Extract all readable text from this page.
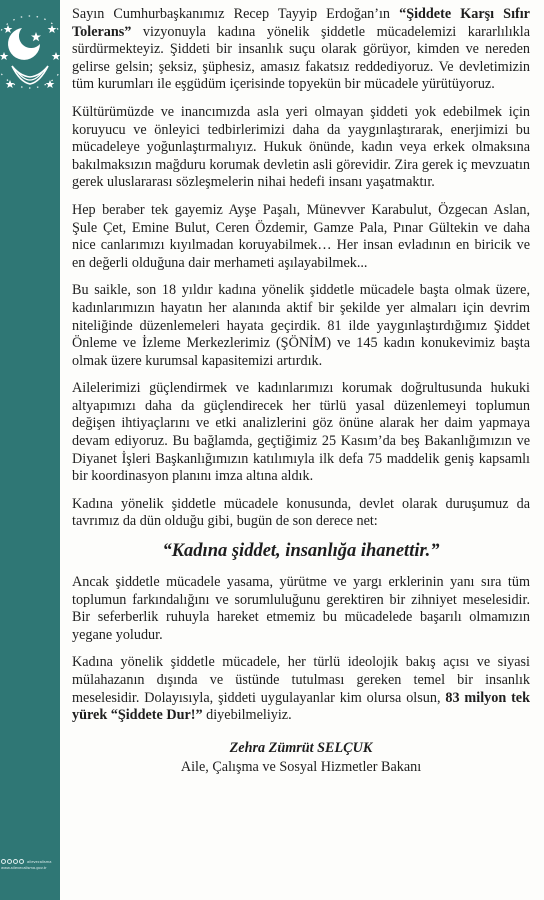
ailevecalisma
www.ailevecalisma.gov.tr

Sayın Cumhurbaşkanımız Recep Tayyip Erdoğan’ın “Şiddete Karşı Sıfır Tolerans” vizyonuyla kadına yönelik şiddetle mücadelemizi kararlılıkla sürdürmekteyiz. Şiddeti bir insanlık suçu olarak görüyor, kimden ve nereden gelirse gelsin; şeksiz, şüphesiz, amasız fakatsız reddediyoruz. Ve devletimizin tüm kurumları ile eşgüdüm içerisinde topyekün bir mücadele yürütüyoruz.

Kültürümüzde ve inancımızda asla yeri olmayan şiddeti yok edebilmek için koruyucu ve önleyici tedbirlerimizi daha da yaygınlaştırarak, enerjimizi bu mücadeleye yoğunlaştırmalıyız. Hukuk önünde, kadın veya erkek olmaksına bakılmaksızın mağduru korumak devletin asli görevidir. Zira gerek iç mevzuatın gerek uluslararası sözleşmelerin nihai hedefi insanı yaşatmaktır.

Hep beraber tek gayemiz Ayşe Paşalı, Münevver Karabulut, Özgecan Aslan, Şule Çet, Emine Bulut, Ceren Özdemir, Gamze Pala, Pınar Gültekin ve daha nice canlarımızı kıyılmadan koruyabilmek… Her insan evladının en biricik ve en değerli olduğuna dair merhameti aşılayabilmek...

Bu saikle, son 18 yıldır kadına yönelik şiddetle mücadele başta olmak üzere, kadınlarımızın hayatın her alanında aktif bir şekilde yer almaları için devrim niteliğinde düzenlemeleri hayata geçirdik. 81 ilde yaygınlaştırdığımız Şiddet Önleme ve İzleme Merkezlerimiz (ŞÖNİM) ve 145 kadın konukevimiz başta olmak üzere kurumsal kapasitemizi artırdık.

Ailelerimizi güçlendirmek ve kadınlarımızı korumak doğrultusunda hukuki altyapımızı daha da güçlendirecek her türlü yasal düzenlemeyi toplumun değişen ihtiyaçlarını ve etki analizlerini göz önüne alarak her daim yapmaya devam ediyoruz. Bu bağlamda, geçtiğimiz 25 Kasım’da beş Bakanlığımızın ve Diyanet İşleri Başkanlığımızın katılımıyla ilk defa 75 maddelik geniş kapsamlı bir koordinasyon planını imza altına aldık.

Kadına yönelik şiddetle mücadele konusunda, devlet olarak duruşumuz da tavrımız da dün olduğu gibi, bugün de son derece net:

“Kadına şiddet, insanlığa ihanettir.”

Ancak şiddetle mücadele yasama, yürütme ve yargı erklerinin yanı sıra tüm toplumun farkındalığını ve sorumluluğunu gerektiren bir zihniyet meselesidir. Bir seferberlik ruhuyla hareket etmemiz bu mücadelede başarılı olmamızın yegane yoludur.

Kadına yönelik şiddetle mücadele, her türlü ideolojik bakış açısı ve siyasi mülahazanın dışında ve üstünde tutulması gereken temel bir insanlık meselesidir. Dolayısıyla, şiddeti uygulayanlar kim olursa olsun, 83 milyon tek yürek “Şiddete Dur!” diyebilmeliyiz.

Zehra Zümrüt SELÇUK
Aile, Çalışma ve Sosyal Hizmetler Bakanı
